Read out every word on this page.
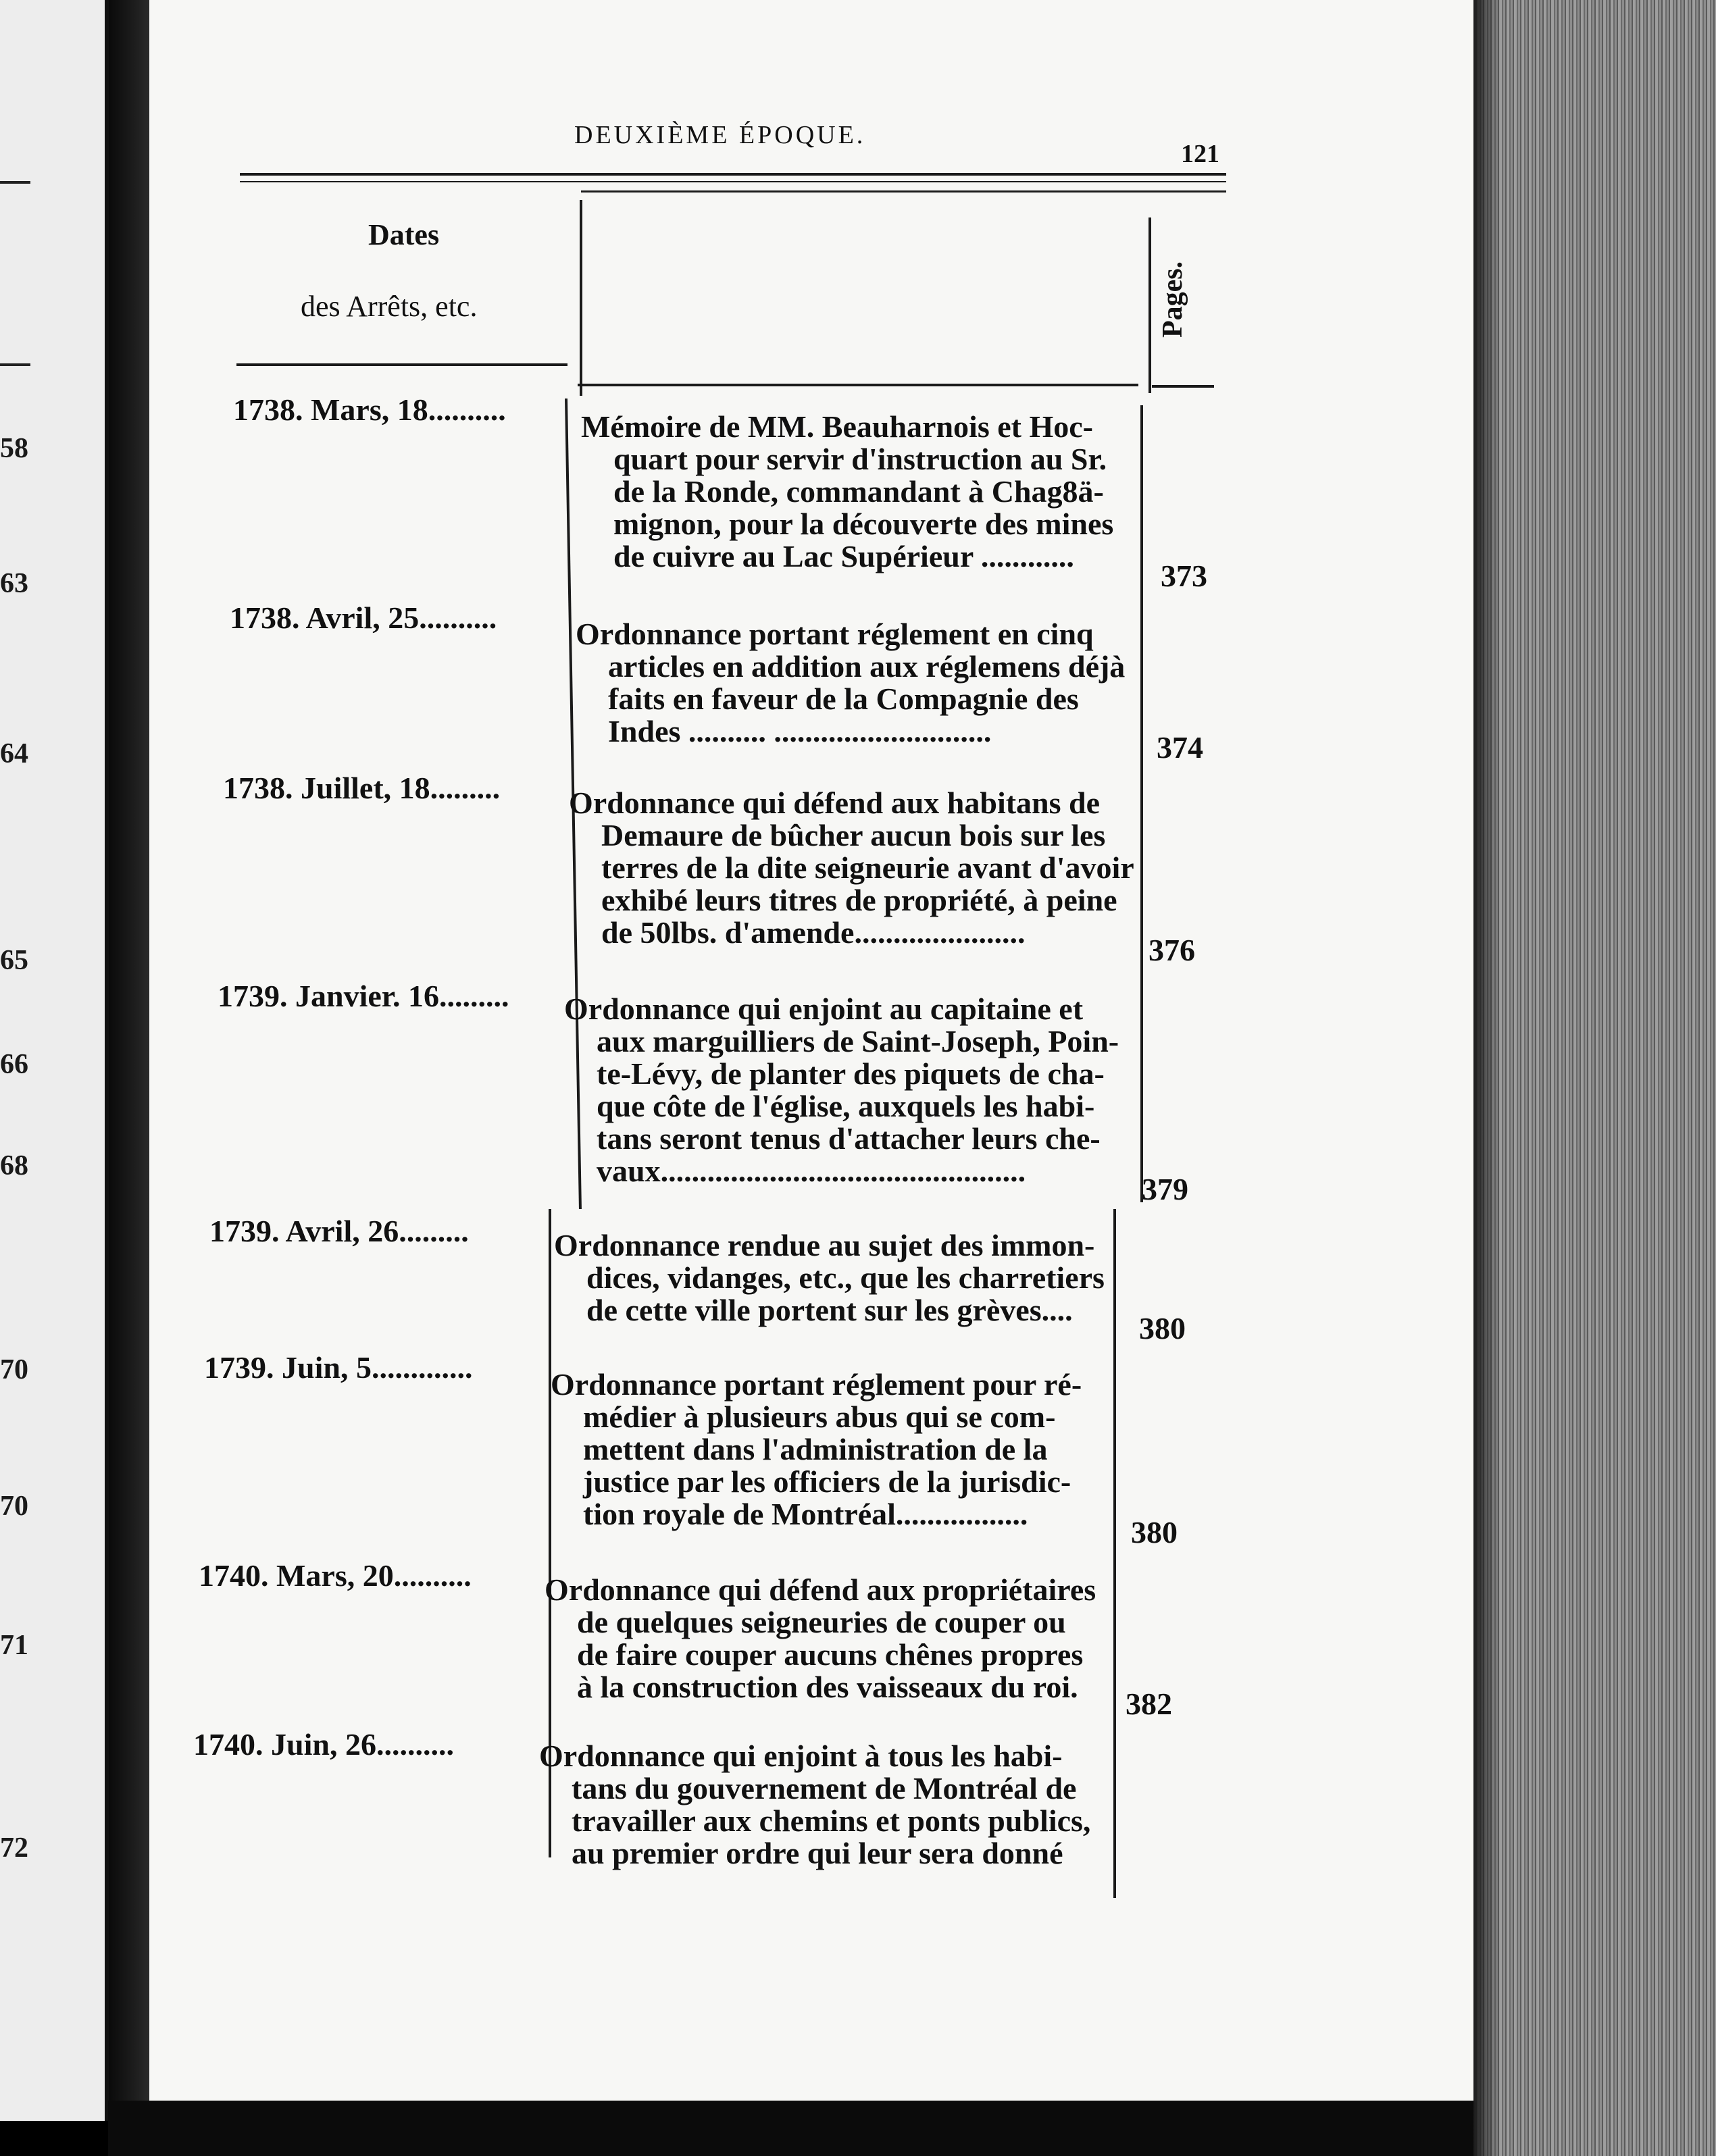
58
63
64
65
66
68
70
70
71
72
DEUXIÈME ÉPOQUE.
121
Dates
des Arrêts, etc.	Pages.
1738. Mars, 18.......... Mémoire de MM. Beauharnois et Hoc-
quart pour servir d'instruction au Sr.
de la Ronde, commandant à Chag8ä-
mignon, pour la découverte des mines
de cuivre au Lac Supérieur ............
373
1738. Avril, 25..........	Ordonnance portant réglement en cinq
articles en addition aux réglemens déjà
faits en faveur de la Compagnie des
Indes .......... ............................	374
1738. Juillet, 18......... Ordonnance qui défend aux habitans de
Demaure de bûcher aucun bois sur les
terres de la dite seigneurie avant d'avoir
exhibé leurs titres de propriété, à peine
de 50lbs. d'amende......................
376
1739. Janvier. 16......... Ordonnance qui enjoint au capitaine et
aux marguilliers de Saint-Joseph, Poin-
te-Lévy, de planter des piquets de cha-
que côte de l'église, auxquels les habi-
tans seront tenus d'attacher leurs che-
vaux...............................................
379
1739. Avril, 26.........	Ordonnance rendue au sujet des immon-
dices, vidanges, etc., que les charretiers
de cette ville portent sur les grèves....
380
1739. Juin, 5.............	Ordonnance portant réglement pour ré-
médier à plusieurs abus qui se com-
mettent dans l'administration de la
justice par les officiers de la jurisdic-
tion royale de Montréal.................
380
1740. Mars, 20.......... Ordonnance qui défend aux propriétaires
de quelques seigneuries de couper ou
de faire couper aucuns chênes propres
à la construction des vaisseaux du roi.	382
1740. Juin, 26..........	Ordonnance qui enjoint à tous les habi-
tans du gouvernement de Montréal de
travailler aux chemins et ponts publics,
au premier ordre qui leur sera donné
